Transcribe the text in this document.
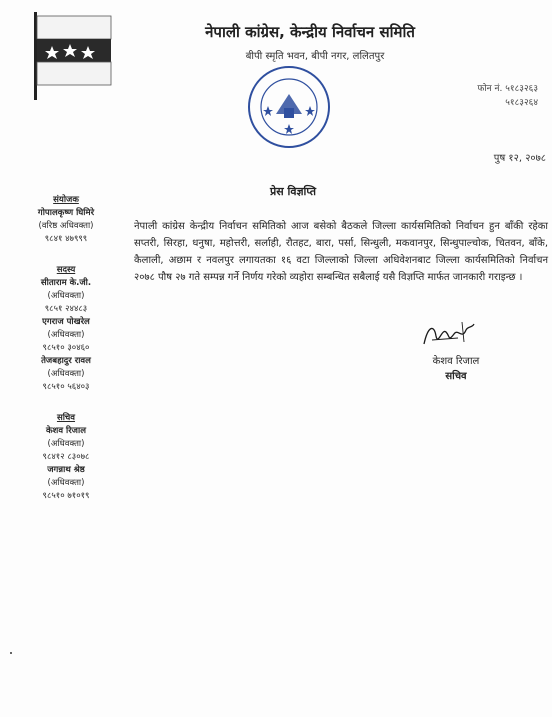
नेपाली कांग्रेस, केन्द्रीय निर्वाचन समिति
बीपी स्मृति भवन, बीपी नगर, ललितपुर
फोन नं. ५१८३२६३
५१८३२६४
पुष १२, २०७८
प्रेस विज्ञप्ति
नेपाली कांग्रेस केन्द्रीय निर्वाचन समितिको आज बसेको बैठकले जिल्ला कार्यसमितिको निर्वाचन हुन बाँकी रहेका सप्तरी, सिरहा, धनुषा, महोत्तरी, सर्लाही, रौतहट, बारा, पर्सा, सिन्धुली, मकवानपुर, सिन्धुपाल्चोक, चितवन, बाँके, कैलाली, अछाम र नवलपुर लगायतका १६ वटा जिल्लाको जिल्ला अधिवेशनबाट जिल्ला कार्यसमितिको निर्वाचन २०७८ पौष २७ गते सम्पन्न गर्ने निर्णय गरेको व्यहोरा सम्बन्धित सबैलाई यसै विज्ञप्ति मार्फत जानकारी गराइन्छ ।
केशव रिजाल
सचिव
संयोजक
गोपालकृष्ण घिमिरे
(वरिष्ठ अधिवक्ता)
९८४१ ४७९९९
सदस्य
सीताराम के.जी.
(अधिवक्ता)
९८५१ २४४८३
एगराज पोखरेल
(अधिवक्ता)
९८५१० ३०४६०
तेजबहादुर रावल
(अधिवक्ता)
९८५१० ५६४०३
सचिव
केशव रिजाल
(अधिवक्ता)
९८४१२ ८३०७८
जगन्नाथ श्रेष्ठ
(अधिवक्ता)
९८५१० ७१०१९
